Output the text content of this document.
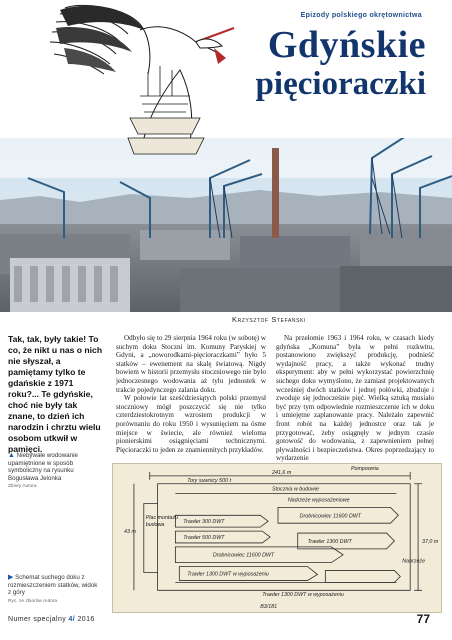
Epizody polskiego okrętownictwa
Gdyńskie
pięcioraczki
Krzysztof Stefański
Tak, tak, były takie! To co, że nikt u nas o nich nie słyszał, a pamiętamy tylko te gdańskie z 1971 roku?... Te gdyńskie, choć nie były tak znane, to dzień ich narodzin i chrztu wielu osobom utkwił w pamięci.
▲ Niebywałe wodowanie upamiętnione w sposób symboliczny na rysunku Bogusława Jelonka
Zbiory Autora
▶ Schemat suchego doku z rozmieszczeniem statków, widok z góry
Ryc. ze zbiorów Autora

Odbyło się to 29 sierpnia 1964 roku (w sobotę) w suchym doku Stoczni im. Komuny Paryskiej w Gdyni, a „noworodkami-pięcioraczkami” było 5 statków – ewenement na skalę światową. Nigdy bowiem w historii przemysłu stoczniowego nie było jednoczesnego wodowania aż tylu jednostek w trakcie pojedynczego zalania doku.

W połowie lat sześćdziesiątych polski przemysł stoczniowy mógł poszczycić się nie tylko czterdziestokrotnym wzrostem produkcji w porównaniu do roku 1950 i wysunięciem na ósme miejsce w świecie, ale również wieloma pionierskimi osiągnięciami technicznymi. Pięcioraczki to jeden ze znamiennitych przykładów.

Na przełomie 1963 i 1964 roku, w czasach kiedy gdyńska „Komuna” była w pełni rozkwitu, postanowiono zwiększyć produkcję, podnieść wydajność pracy, a także wykonać trudny eksperyment: aby w pełni wykorzystać powierzchnię suchego doku wymyślono, że zamiast projektowanych wcześniej dwóch statków i jednej połówki, zbuduje i zwoduje się jednocześnie pięć. Wielką sztuką musiało być przy tym odpowiednie rozmieszczenie ich w doku i umiejętne zaplanowanie pracy. Należało zapewnić front robót na każdej jednostce oraz tak je przygotować, żeby osiągnęły w jednym czasie gotowość do wodowania, z zapewnieniem pełnej pływalności i bezpieczeństwa. Okres poprzedzający to wydarzenie

241,6 m
Pompownia
Tory suwnicy 500 t
Stocznia w budowie
Nadrzeże wyposażeniowe
43 m
Plac montażu
budowa	Trawler 300 DWT
Trawler 500 DWT
Drobnicowiec 11600 DWT
Trawler 1300 DWT
Drobnicowiec 11600 DWT
Trawler 1300 DWT w wyposażeniu
Trawler 1300 DWT w wyposażeniu
37,0 m
Nabrzeże
B3/181
Numer specjalny 4/ 2016	77
